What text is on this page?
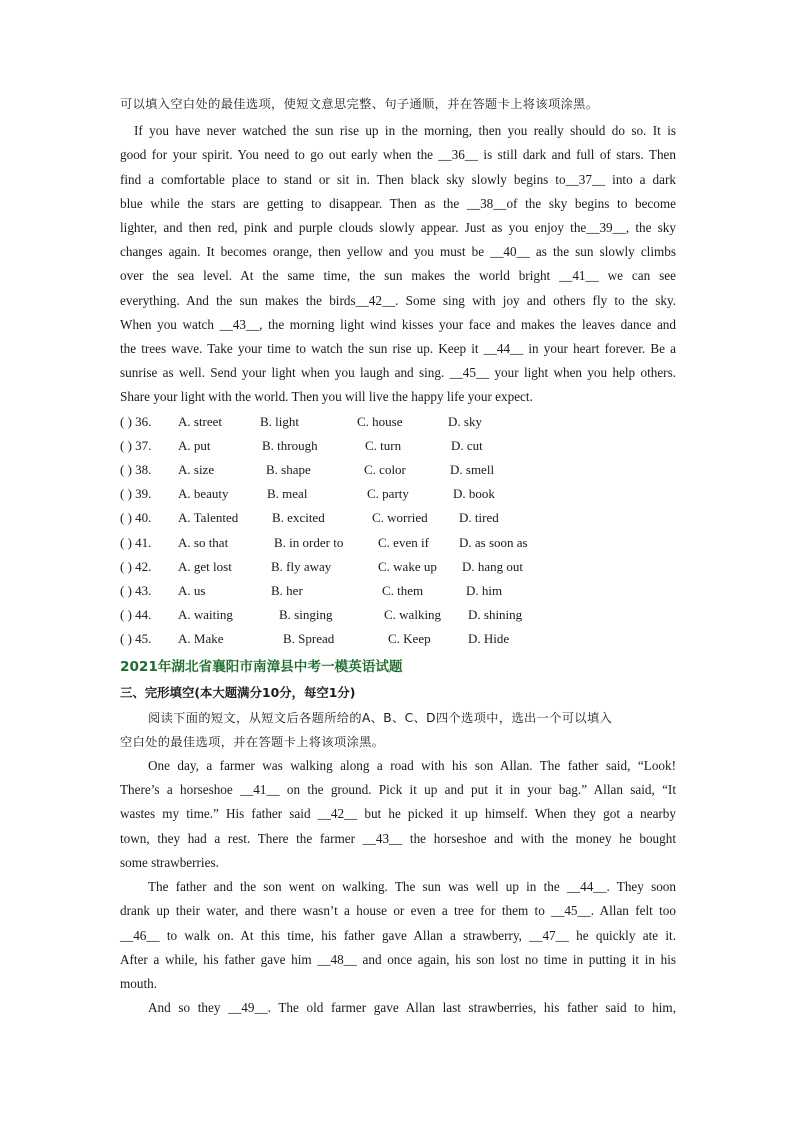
可以填入空白处的最佳选项，使短文意思完整、句子通顺，并在答题卡上将该项涂黑。
If you have never watched the sun rise up in the morning, then you really should do so. It is
good for your spirit. You need to go out early when the __36__ is still dark and full of stars. Then
find a comfortable place to stand or sit in. Then black sky slowly begins to__37__ into a dark
blue while the stars are getting to disappear. Then as the __38__of the sky begins to become
lighter, and then red, pink and purple clouds slowly appear. Just as you enjoy the__39__, the sky
changes again. It becomes orange, then yellow and you must be __40__ as the sun slowly climbs
over the sea level. At the same time, the sun makes the world bright __41__ we can see
everything. And the sun makes the birds__42__. Some sing with joy and others fly to the sky.
When you watch __43__, the morning light wind kisses your face and makes the leaves dance and
the trees wave. Take your time to watch the sun rise up. Keep it __44__ in your heart forever. Be a
sunrise as well. Send your light when you laugh and sing. __45__ your light when you help others.
Share your light with the world. Then you will live the happy life your expect.
( ) 36.	A. street	B. light	C. house	D. sky
( ) 37.	A. put	B. through	C. turn	D. cut
( ) 38.	A. size	B. shape	C. color	D. smell
( ) 39.	A. beauty	B. meal	C. party	D. book
( ) 40.	A. Talented	B. excited	C. worried	D. tired
( ) 41.	A. so that	B. in order to	C. even if	D. as soon as
( ) 42.	A. get lost	B. fly away	C. wake up	D. hang out
( ) 43.	A. us	B. her	C. them	D. him
( ) 44.	A. waiting	B. singing	C. walking	D. shining
( ) 45.	A. Make	B. Spread	C. Keep	D. Hide
2021年湖北省襄阳市南漳县中考一模英语试题
三、完形填空(本大题满分10分，每空1分)
阅读下面的短文，从短文后各题所给的A、B、C、D四个选项中，选出一个可以填入
空白处的最佳选项，并在答题卡上将该项涂黑。
One day, a farmer was walking along a road with his son Allan. The father said, “Look!
There’s a horseshoe __41__ on the ground. Pick it up and put it in your bag.” Allan said, “It
wastes my time.” His father said __42__ but he picked it up himself. When they got a nearby
town, they had a rest. There the farmer __43__ the horseshoe and with the money he bought
some strawberries.
The father and the son went on walking. The sun was well up in the __44__. They soon
drank up their water, and there wasn’t a house or even a tree for them to __45__. Allan felt too
__46__ to walk on. At this time, his father gave Allan a strawberry, __47__ he quickly ate it.
After a while, his father gave him __48__ and once again, his son lost no time in putting it in his
mouth.
And so they __49__. The old farmer gave Allan last strawberries, his father said to him,
